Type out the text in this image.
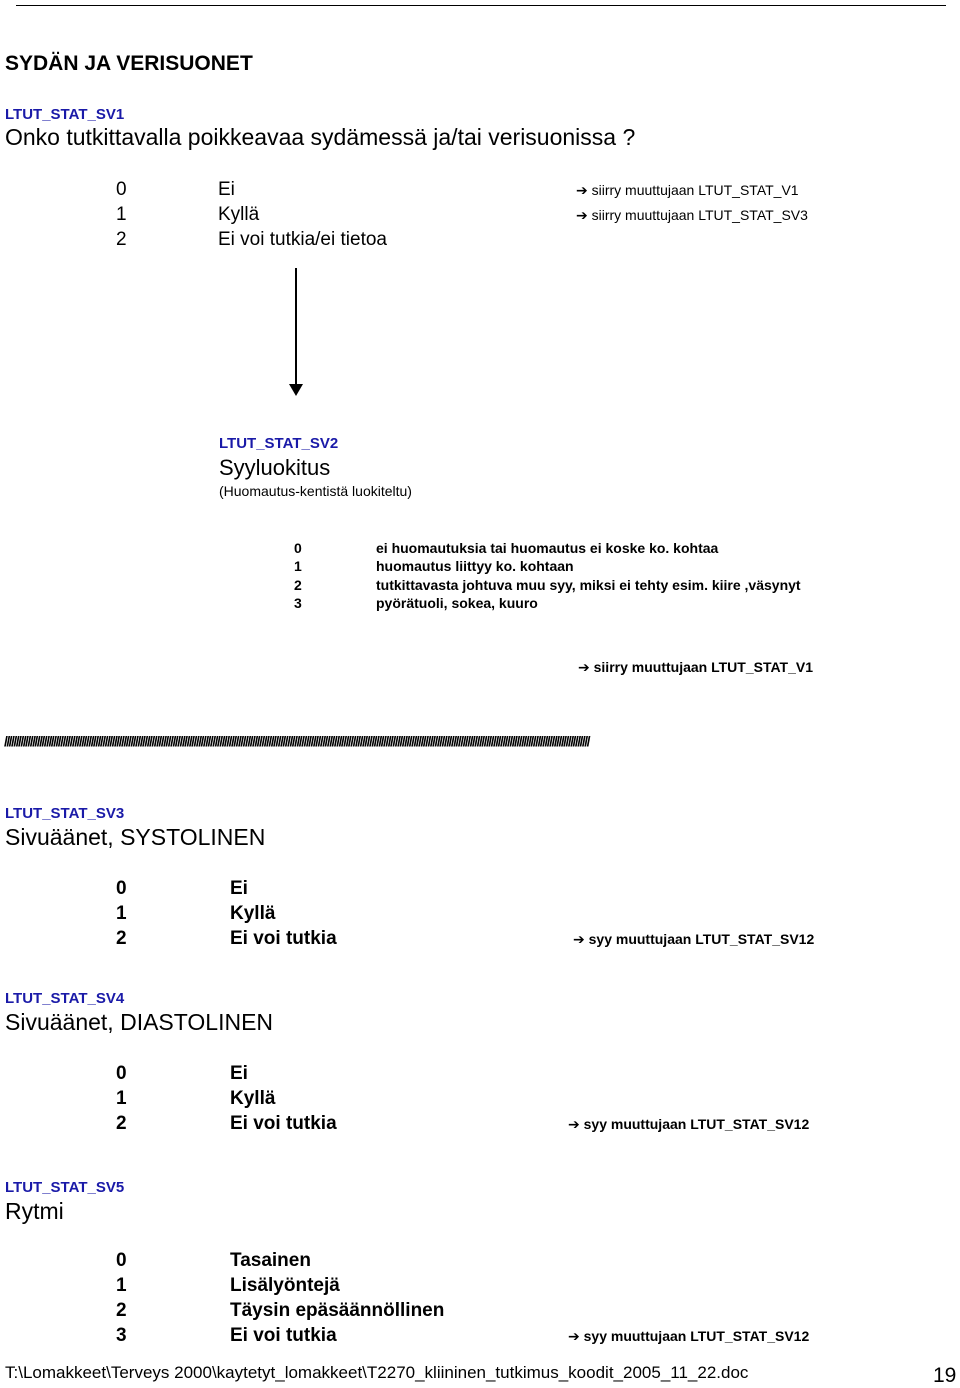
SYDÄN JA VERISUONET
LTUT_STAT_SV1
Onko tutkittavalla poikkeavaa sydämessä ja/tai verisuonissa ?
0	Ei	➔ siirry muuttujaan LTUT_STAT_V1
1	Kyllä	➔ siirry muuttujaan LTUT_STAT_SV3
2	Ei voi tutkia/ei tietoa
LTUT_STAT_SV2
Syyluokitus
(Huomautus-kentistä luokiteltu)
0	ei huomautuksia tai huomautus ei koske ko. kohtaa
1	huomautus liittyy ko. kohtaan
2	tutkittavasta johtuva muu syy, miksi ei tehty esim. kiire ,väsynyt
3	pyörätuoli, sokea, kuuro
➔ siirry muuttujaan LTUT_STAT_V1
//////////////////////////////////////////////////////////////////////////////////////////////////////////////////////////////////////////////////////////////////////////////////////////////////////////////////////////////////////////////////////////
LTUT_STAT_SV3
Sivuäänet, SYSTOLINEN
0	Ei
1	Kyllä
2	Ei voi tutkia	➔ syy muuttujaan LTUT_STAT_SV12
LTUT_STAT_SV4
Sivuäänet, DIASTOLINEN
0	Ei
1	Kyllä
2	Ei voi tutkia	➔ syy muuttujaan LTUT_STAT_SV12
LTUT_STAT_SV5
Rytmi
0	Tasainen
1	Lisälyöntejä
2	Täysin epäsäännöllinen
3	Ei voi tutkia	➔ syy muuttujaan LTUT_STAT_SV12
T:\Lomakkeet\Terveys 2000\kaytetyt_lomakkeet\T2270_kliininen_tutkimus_koodit_2005_11_22.doc	19
